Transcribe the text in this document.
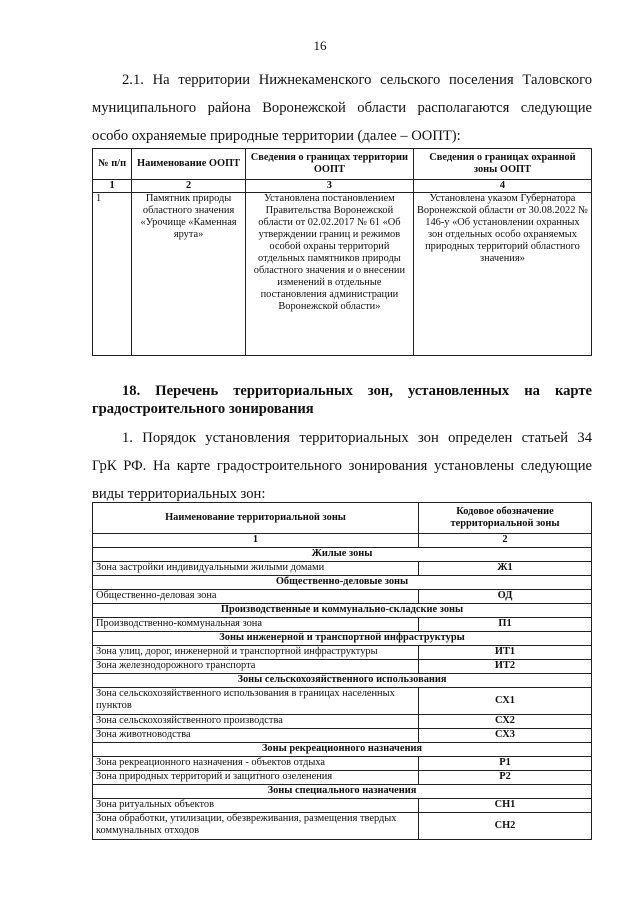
16
2.1. На территории Нижнекаменского сельского поселения Таловского
муниципального района Воронежской области располагаются следующие
особо охраняемые природные территории (далее – ООПТ):
№ п/п	Наименование ООПТ	Сведения о границах территории ООПТ	Сведения о границах охранной зоны ООПТ
1	2	3	4
1	Памятник природы областного значения «Урочище «Каменная ярута»	Установлена постановлением Правительства Воронежской области от 02.02.2017 № 61 «Об утверждении границ и режимов особой охраны территорий отдельных памятников природы областного значения и о внесении изменений в отдельные постановления администрации Воронежской области»	Установлена указом Губернатора Воронежской области от 30.08.2022 № 146-у «Об установлении охранных зон отдельных особо охраняемых природных территорий областного значения»
18. Перечень территориальных зон, установленных на карте
градостроительного зонирования
1. Порядок установления территориальных зон определен статьей 34
ГрК РФ. На карте градостроительного зонирования установлены следующие
виды территориальных зон:
Наименование территориальной зоны	Кодовое обозначение территориальной зоны
1	2
Жилые зоны	
Зона застройки индивидуальными жилыми домами	Ж1
Общественно-деловые зоны	
Общественно-деловая зона	ОД
Производственные и коммунально-складские зоны	
Производственно-коммунальная зона	П1
Зоны инженерной и транспортной инфраструктуры	
Зона улиц, дорог, инженерной и транспортной инфраструктуры	ИТ1
Зона железнодорожного транспорта	ИТ2
Зоны сельскохозяйственного использования	
Зона сельскохозяйственного использования в границах населенных пунктов	СХ1
Зона сельскохозяйственного производства	СХ2
Зона животноводства	СХ3
Зоны рекреационного назначения	
Зона рекреационного назначения - объектов отдыха	Р1
Зона природных территорий и защитного озеленения	Р2
Зоны специального назначения	
Зона ритуальных объектов	СН1
Зона обработки, утилизации, обезвреживания, размещения твердых коммунальных отходов	СН2
